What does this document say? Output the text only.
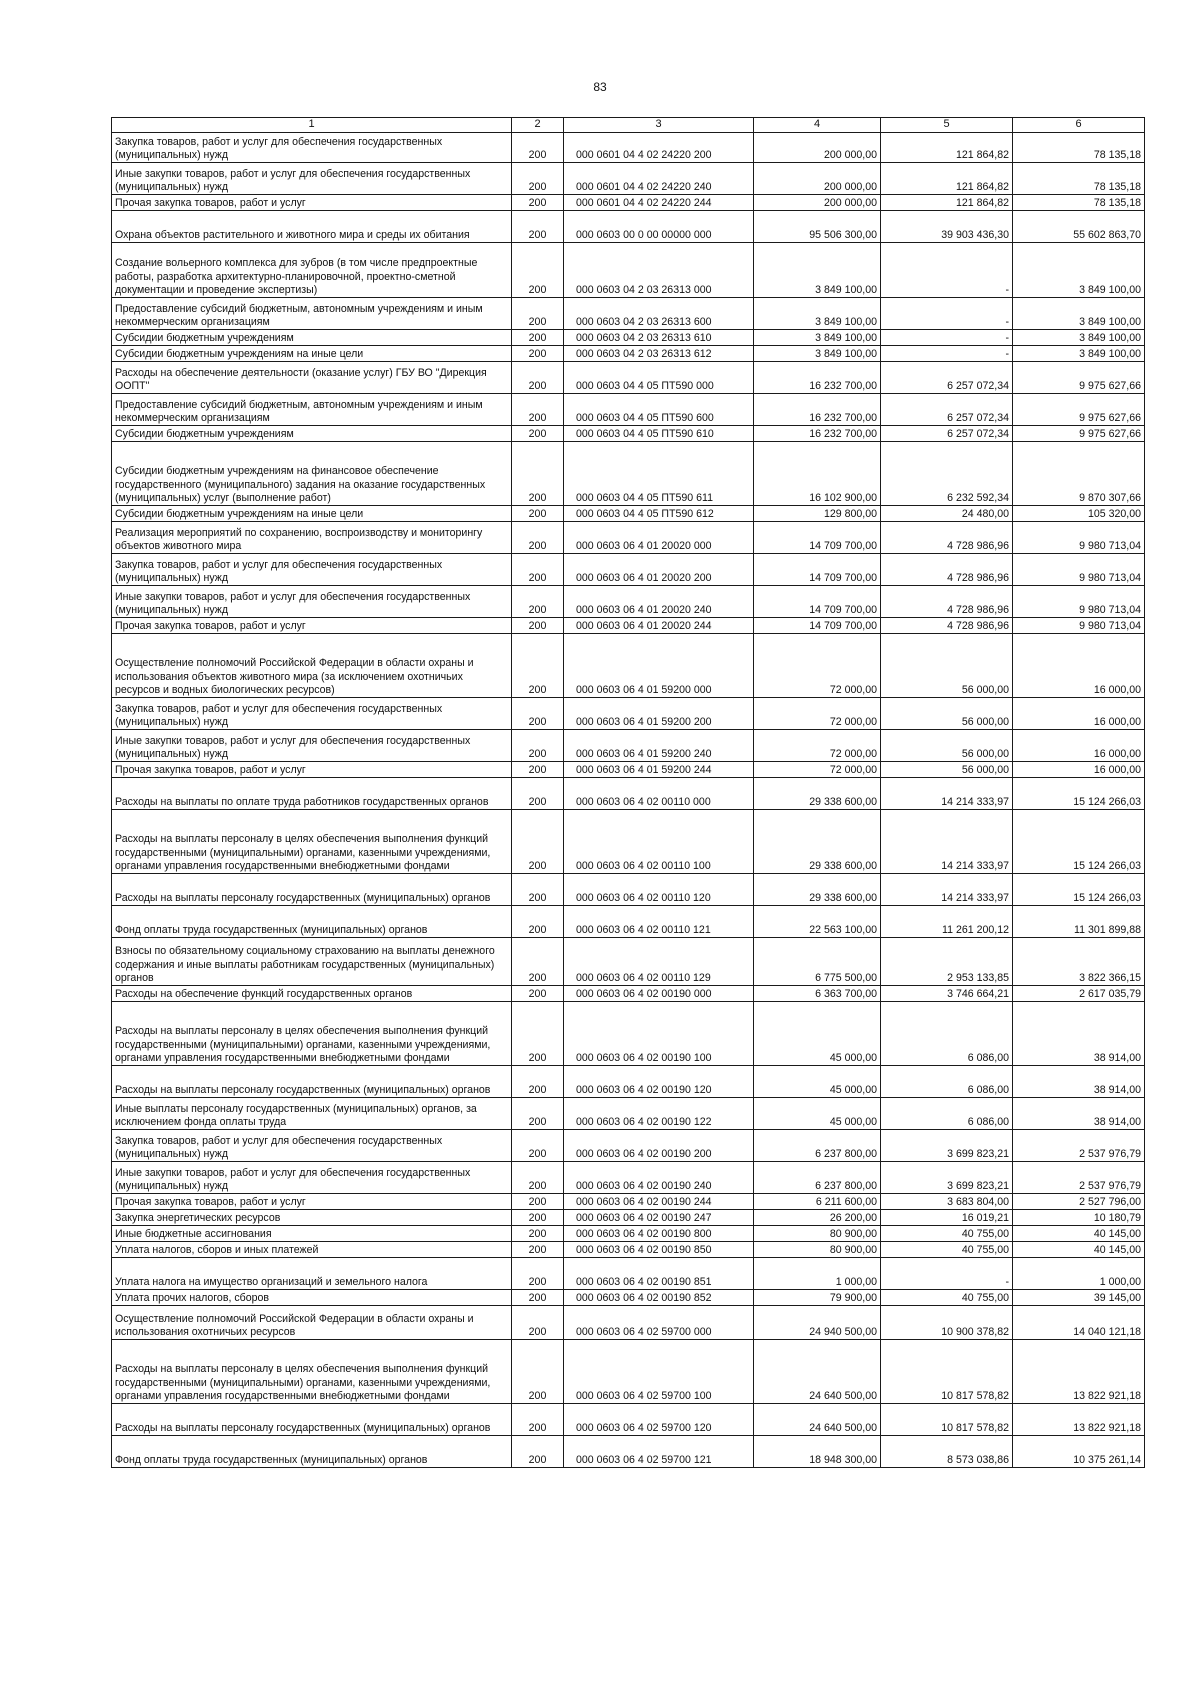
83
1	2	3	4	5	6
Закупка товаров, работ и услуг для обеспечения государственных (муниципальных) нужд	200	000 0601 04 4 02 24220 200	200 000,00	121 864,82	78 135,18
Иные закупки товаров, работ и услуг для обеспечения государственных (муниципальных) нужд	200	000 0601 04 4 02 24220 240	200 000,00	121 864,82	78 135,18
Прочая закупка товаров, работ и услуг	200	000 0601 04 4 02 24220 244	200 000,00	121 864,82	78 135,18
Охрана объектов растительного и животного мира и среды их обитания	200	000 0603 00 0 00 00000 000	95 506 300,00	39 903 436,30	55 602 863,70
Создание вольерного комплекса для зубров (в том числе предпроектные работы, разработка архитектурно-планировочной, проектно-сметной документации и проведение экспертизы)	200	000 0603 04 2 03 26313 000	3 849 100,00	-	3 849 100,00
Предоставление субсидий бюджетным, автономным учреждениям и иным некоммерческим организациям	200	000 0603 04 2 03 26313 600	3 849 100,00	-	3 849 100,00
Субсидии бюджетным учреждениям	200	000 0603 04 2 03 26313 610	3 849 100,00	-	3 849 100,00
Субсидии бюджетным учреждениям на иные цели	200	000 0603 04 2 03 26313 612	3 849 100,00	-	3 849 100,00
Расходы на обеспечение деятельности (оказание услуг) ГБУ ВО "Дирекция ООПТ"	200	000 0603 04 4 05 ПТ590 000	16 232 700,00	6 257 072,34	9 975 627,66
Предоставление субсидий бюджетным, автономным учреждениям и иным некоммерческим организациям	200	000 0603 04 4 05 ПТ590 600	16 232 700,00	6 257 072,34	9 975 627,66
Субсидии бюджетным учреждениям	200	000 0603 04 4 05 ПТ590 610	16 232 700,00	6 257 072,34	9 975 627,66
Субсидии бюджетным учреждениям на финансовое обеспечение государственного (муниципального) задания на оказание государственных (муниципальных) услуг (выполнение работ)	200	000 0603 04 4 05 ПТ590 611	16 102 900,00	6 232 592,34	9 870 307,66
Субсидии бюджетным учреждениям на иные цели	200	000 0603 04 4 05 ПТ590 612	129 800,00	24 480,00	105 320,00
Реализация мероприятий по сохранению, воспроизводству и мониторингу объектов животного мира	200	000 0603 06 4 01 20020 000	14 709 700,00	4 728 986,96	9 980 713,04
Закупка товаров, работ и услуг для обеспечения государственных (муниципальных) нужд	200	000 0603 06 4 01 20020 200	14 709 700,00	4 728 986,96	9 980 713,04
Иные закупки товаров, работ и услуг для обеспечения государственных (муниципальных) нужд	200	000 0603 06 4 01 20020 240	14 709 700,00	4 728 986,96	9 980 713,04
Прочая закупка товаров, работ и услуг	200	000 0603 06 4 01 20020 244	14 709 700,00	4 728 986,96	9 980 713,04
Осуществление полномочий Российской Федерации в области охраны и использования объектов животного мира (за исключением охотничьих ресурсов и водных биологических ресурсов)	200	000 0603 06 4 01 59200 000	72 000,00	56 000,00	16 000,00
Закупка товаров, работ и услуг для обеспечения государственных (муниципальных) нужд	200	000 0603 06 4 01 59200 200	72 000,00	56 000,00	16 000,00
Иные закупки товаров, работ и услуг для обеспечения государственных (муниципальных) нужд	200	000 0603 06 4 01 59200 240	72 000,00	56 000,00	16 000,00
Прочая закупка товаров, работ и услуг	200	000 0603 06 4 01 59200 244	72 000,00	56 000,00	16 000,00
Расходы на выплаты по оплате труда работников государственных органов	200	000 0603 06 4 02 00110 000	29 338 600,00	14 214 333,97	15 124 266,03
Расходы на выплаты персоналу в целях обеспечения выполнения функций государственными (муниципальными) органами, казенными учреждениями, органами управления государственными внебюджетными фондами	200	000 0603 06 4 02 00110 100	29 338 600,00	14 214 333,97	15 124 266,03
Расходы на выплаты персоналу государственных (муниципальных) органов	200	000 0603 06 4 02 00110 120	29 338 600,00	14 214 333,97	15 124 266,03
Фонд оплаты труда государственных (муниципальных) органов	200	000 0603 06 4 02 00110 121	22 563 100,00	11 261 200,12	11 301 899,88
Взносы по обязательному социальному страхованию на выплаты денежного содержания и иные выплаты работникам государственных (муниципальных) органов	200	000 0603 06 4 02 00110 129	6 775 500,00	2 953 133,85	3 822 366,15
Расходы на обеспечение функций государственных органов	200	000 0603 06 4 02 00190 000	6 363 700,00	3 746 664,21	2 617 035,79
Расходы на выплаты персоналу в целях обеспечения выполнения функций государственными (муниципальными) органами, казенными учреждениями, органами управления государственными внебюджетными фондами	200	000 0603 06 4 02 00190 100	45 000,00	6 086,00	38 914,00
Расходы на выплаты персоналу государственных (муниципальных) органов	200	000 0603 06 4 02 00190 120	45 000,00	6 086,00	38 914,00
Иные выплаты персоналу государственных (муниципальных) органов, за исключением фонда оплаты труда	200	000 0603 06 4 02 00190 122	45 000,00	6 086,00	38 914,00
Закупка товаров, работ и услуг для обеспечения государственных (муниципальных) нужд	200	000 0603 06 4 02 00190 200	6 237 800,00	3 699 823,21	2 537 976,79
Иные закупки товаров, работ и услуг для обеспечения государственных (муниципальных) нужд	200	000 0603 06 4 02 00190 240	6 237 800,00	3 699 823,21	2 537 976,79
Прочая закупка товаров, работ и услуг	200	000 0603 06 4 02 00190 244	6 211 600,00	3 683 804,00	2 527 796,00
Закупка энергетических ресурсов	200	000 0603 06 4 02 00190 247	26 200,00	16 019,21	10 180,79
Иные бюджетные ассигнования	200	000 0603 06 4 02 00190 800	80 900,00	40 755,00	40 145,00
Уплата налогов, сборов и иных платежей	200	000 0603 06 4 02 00190 850	80 900,00	40 755,00	40 145,00
Уплата налога на имущество организаций и земельного налога	200	000 0603 06 4 02 00190 851	1 000,00	-	1 000,00
Уплата прочих налогов, сборов	200	000 0603 06 4 02 00190 852	79 900,00	40 755,00	39 145,00
Осуществление полномочий Российской Федерации в области охраны и использования охотничьих ресурсов	200	000 0603 06 4 02 59700 000	24 940 500,00	10 900 378,82	14 040 121,18
Расходы на выплаты персоналу в целях обеспечения выполнения функций государственными (муниципальными) органами, казенными учреждениями, органами управления государственными внебюджетными фондами	200	000 0603 06 4 02 59700 100	24 640 500,00	10 817 578,82	13 822 921,18
Расходы на выплаты персоналу государственных (муниципальных) органов	200	000 0603 06 4 02 59700 120	24 640 500,00	10 817 578,82	13 822 921,18
Фонд оплаты труда государственных (муниципальных) органов	200	000 0603 06 4 02 59700 121	18 948 300,00	8 573 038,86	10 375 261,14
